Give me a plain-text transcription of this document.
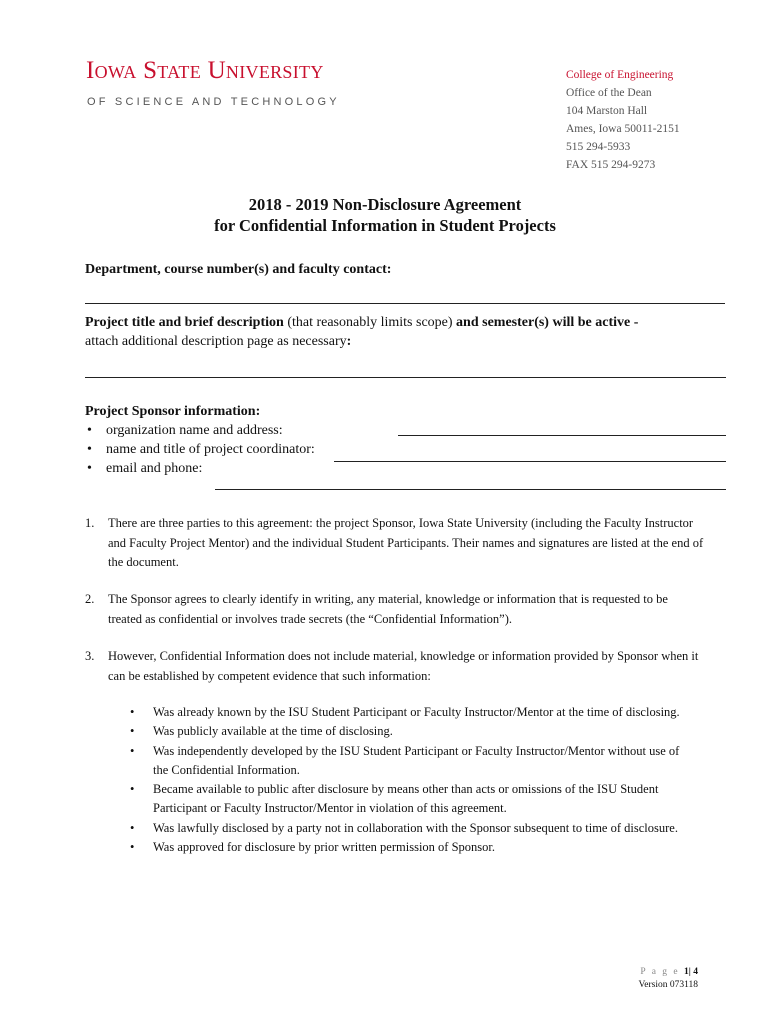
Iowa State University
OF SCIENCE AND TECHNOLOGY
College of Engineering
Office of the Dean
104 Marston Hall
Ames, Iowa 50011-2151
515 294-5933
FAX 515 294-9273
2018 - 2019 Non-Disclosure Agreement
for Confidential Information in Student Projects
Department, course number(s) and faculty contact:
Project title and brief description (that reasonably limits scope) and semester(s) will be active -
attach additional description page as necessary:
Project Sponsor information:
• organization name and address:
• name and title of project coordinator:
• email and phone:
1. There are three parties to this agreement: the project Sponsor, Iowa State University (including the Faculty Instructor and Faculty Project Mentor) and the individual Student Participants. Their names and signatures are listed at the end of the document.
2. The Sponsor agrees to clearly identify in writing, any material, knowledge or information that is requested to be treated as confidential or involves trade secrets (the “Confidential Information”).
3. However, Confidential Information does not include material, knowledge or information provided by Sponsor when it can be established by competent evidence that such information:
• Was already known by the ISU Student Participant or Faculty Instructor/Mentor at the time of disclosing.
• Was publicly available at the time of disclosing.
• Was independently developed by the ISU Student Participant or Faculty Instructor/Mentor without use of the Confidential Information.
• Became available to public after disclosure by means other than acts or omissions of the ISU Student Participant or Faculty Instructor/Mentor in violation of this agreement.
• Was lawfully disclosed by a party not in collaboration with the Sponsor subsequent to time of disclosure.
• Was approved for disclosure by prior written permission of Sponsor.
P a g e 1| 4
Version 073118
